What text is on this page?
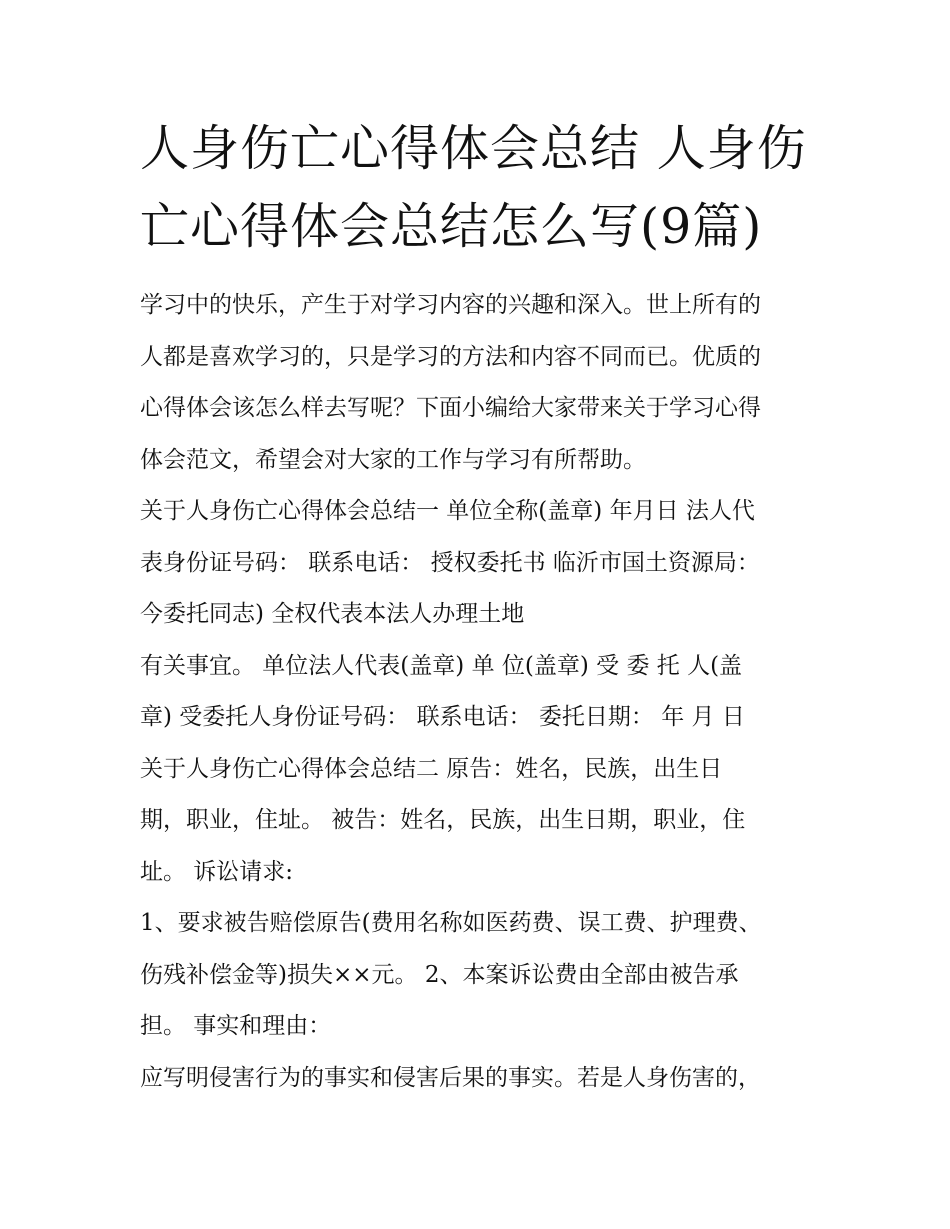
人身伤亡心得体会总结 人身伤
亡心得体会总结怎么写(9篇)
学习中的快乐，产生于对学习内容的兴趣和深入。世上所有的
人都是喜欢学习的，只是学习的方法和内容不同而已。优质的
心得体会该怎么样去写呢？下面小编给大家带来关于学习心得
体会范文，希望会对大家的工作与学习有所帮助。
关于人身伤亡心得体会总结一 单位全称(盖章) 年月日 法人代
表身份证号码： 联系电话： 授权委托书 临沂市国土资源局：
今委托同志) 全权代表本法人办理土地
有关事宜。 单位法人代表(盖章) 单 位(盖章) 受 委 托 人(盖
章) 受委托人身份证号码： 联系电话： 委托日期： 年 月 日
关于人身伤亡心得体会总结二 原告：姓名，民族，出生日
期，职业，住址。 被告：姓名，民族，出生日期，职业，住
址。 诉讼请求:
1、要求被告赔偿原告(费用名称如医药费、误工费、护理费、
伤残补偿金等)损失××元。 2、本案诉讼费由全部由被告承
担。 事实和理由：
应写明侵害行为的事实和侵害后果的事实。若是人身伤害的，
